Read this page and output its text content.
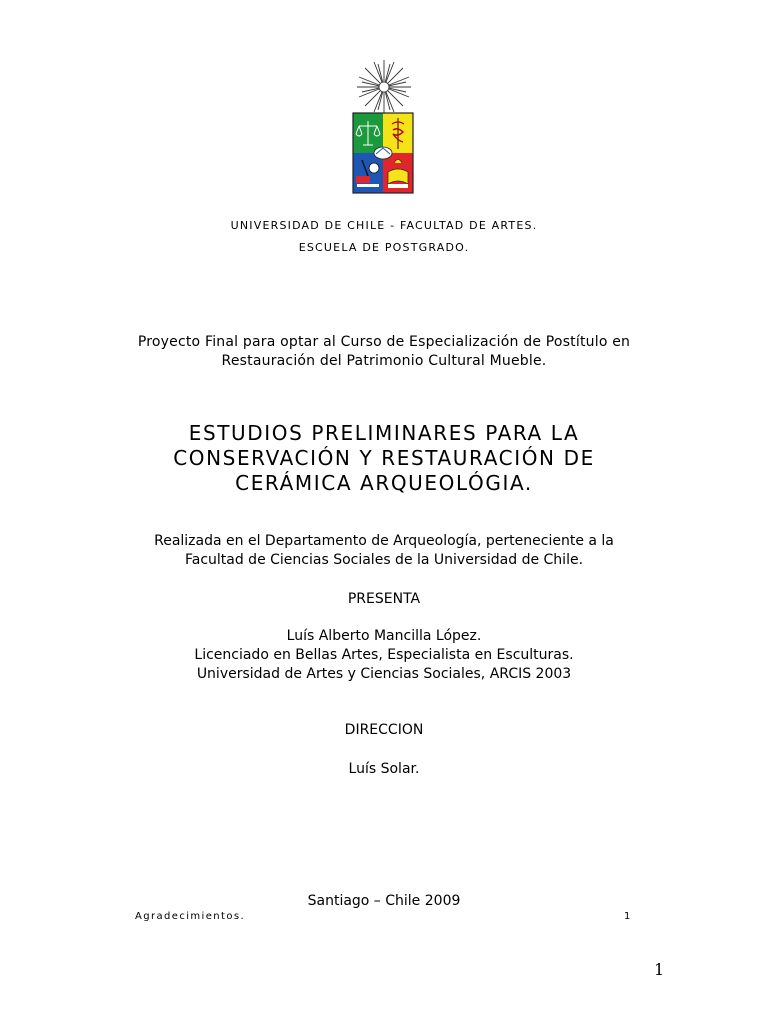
UNIVERSIDAD DE CHILE - FACULTAD DE ARTES.
ESCUELA DE POSTGRADO.
Proyecto Final para optar al Curso de Especialización de Postítulo en
Restauración del Patrimonio Cultural Mueble.
ESTUDIOS PRELIMINARES PARA LA
CONSERVACIÓN Y RESTAURACIÓN DE
CERÁMICA ARQUEOLÓGIA.
Realizada en el Departamento de Arqueología, perteneciente a la
Facultad de Ciencias Sociales de la Universidad de Chile.
PRESENTA
Luís Alberto Mancilla López.
Licenciado en Bellas Artes, Especialista en Esculturas.
Universidad de Artes y Ciencias Sociales, ARCIS 2003
DIRECCION
Luís Solar.
Santiago – Chile 2009
Agradecimientos.	1
1
